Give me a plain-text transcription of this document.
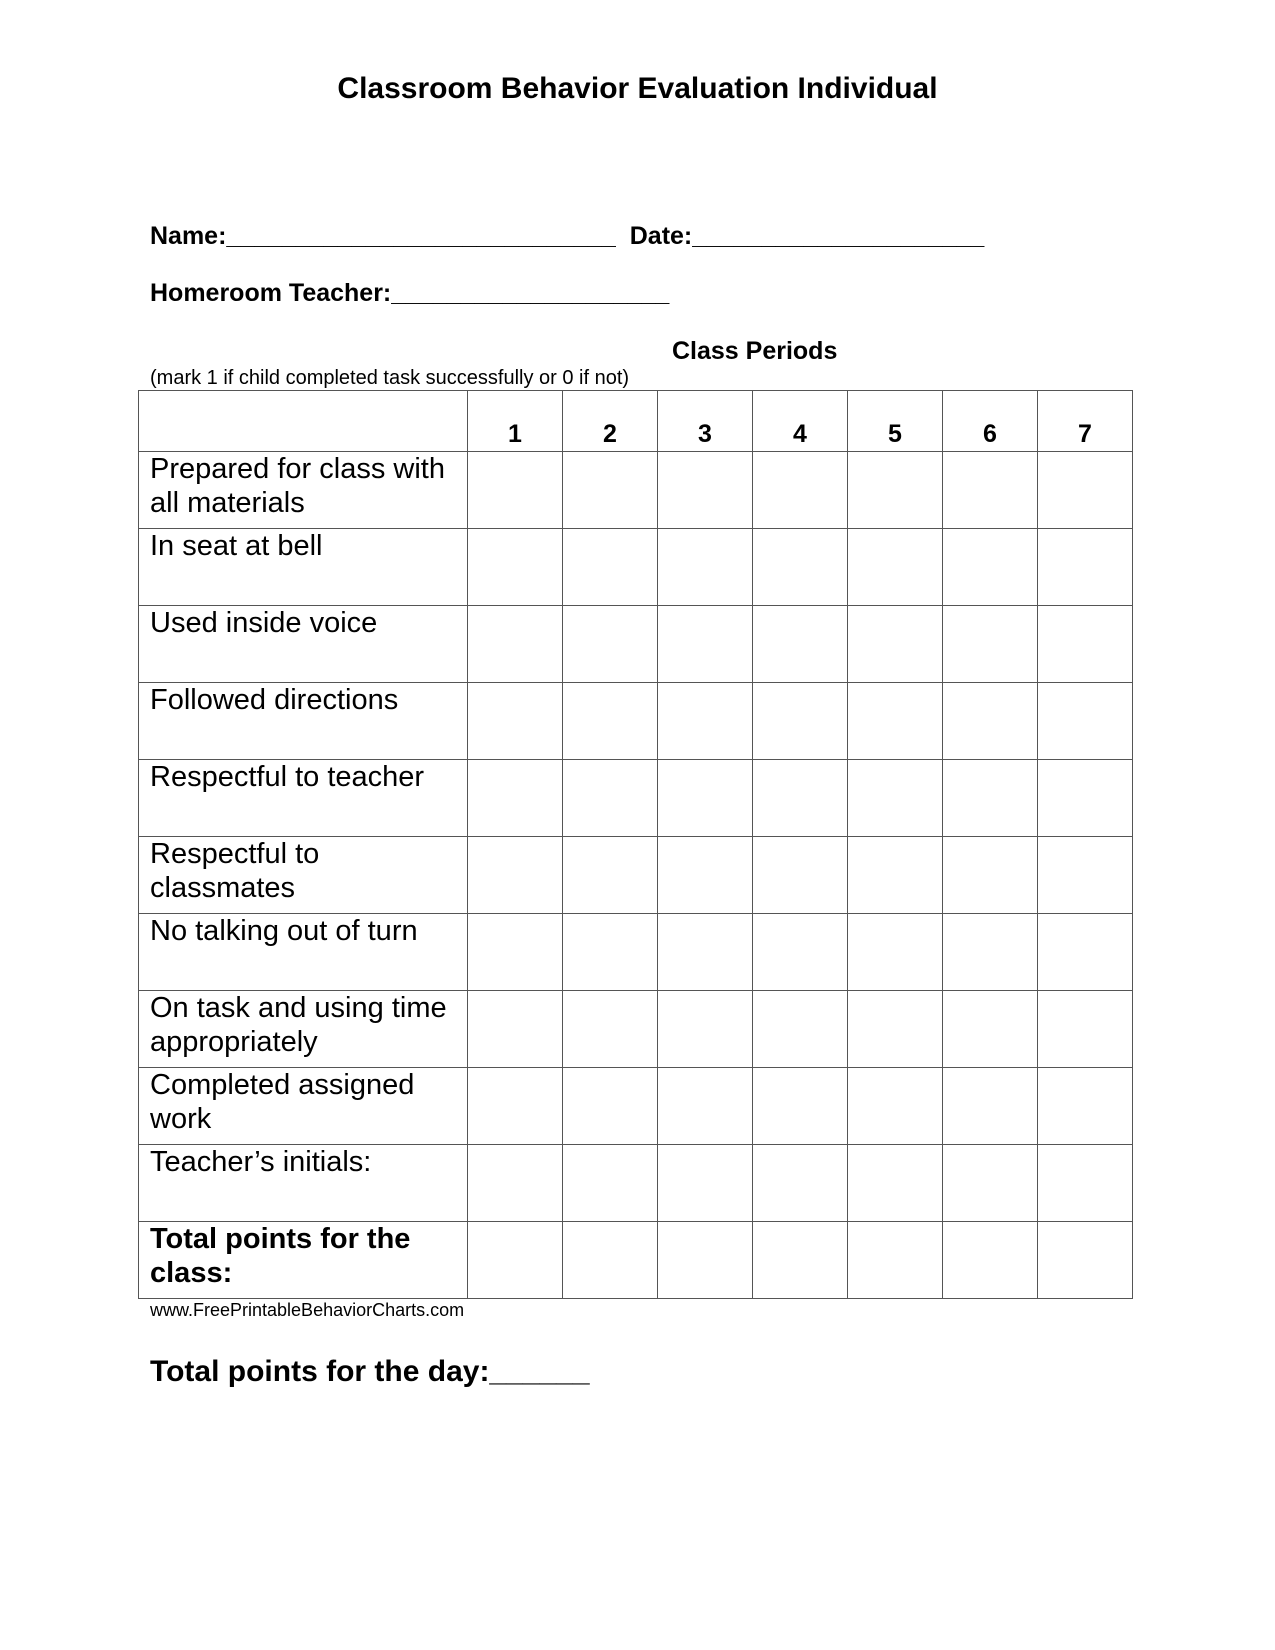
Classroom Behavior Evaluation Individual
Name:____________________________ Date:_____________________
Homeroom Teacher:____________________
Class Periods
(mark 1 if child completed task successfully or 0 if not)
	1	2	3	4	5	6	7
Prepared for class with all materials							
In seat at bell							
Used inside voice							
Followed directions							
Respectful to teacher							
Respectful to classmates							
No talking out of turn							
On task and using time appropriately							
Completed assigned work							
Teacher’s initials:							
Total points for the class:							
www.FreePrintableBehaviorCharts.com
Total points for the day:______
